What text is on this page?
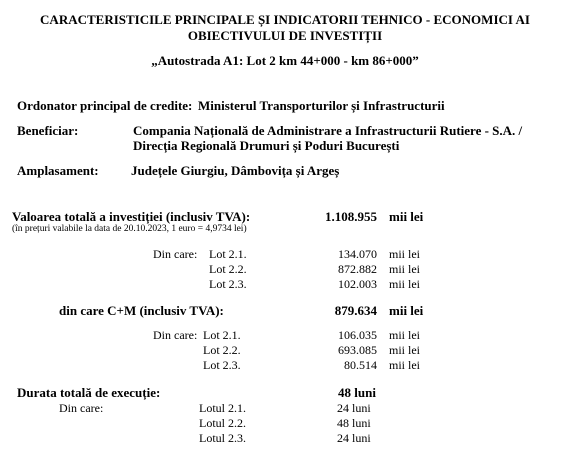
CARACTERISTICILE PRINCIPALE ȘI INDICATORII TEHNICO - ECONOMICI AI
OBIECTIVULUI DE INVESTIȚII
„Autostrada A1: Lot 2 km 44+000 - km 86+000”
Ordonator principal de credite: Ministerul Transporturilor și Infrastructurii
Beneficiar:	Compania Națională de Administrare a Infrastructurii Rutiere - S.A. /
Direcția Regională Drumuri și Poduri București
Amplasament: Județele Giurgiu, Dâmbovița și Argeș
Valoarea totală a investiției (inclusiv TVA):
(în prețuri valabile la data de 20.10.2023, 1 euro = 4,9734 lei)
1.108.955 mii lei
Din care: Lot 2.1.	134.070 mii lei
Lot 2.2.	872.882 mii lei
Lot 2.3.	102.003 mii lei
din care C+M (inclusiv TVA):	879.634 mii lei
Din care: Lot 2.1.	106.035 mii lei
Lot 2.2.	693.085 mii lei
Lot 2.3.	80.514 mii lei
Durata totală de execuție:	48 luni
Din care:	Lotul 2.1.	24 luni
Lotul 2.2.	48 luni
Lotul 2.3.	24 luni
